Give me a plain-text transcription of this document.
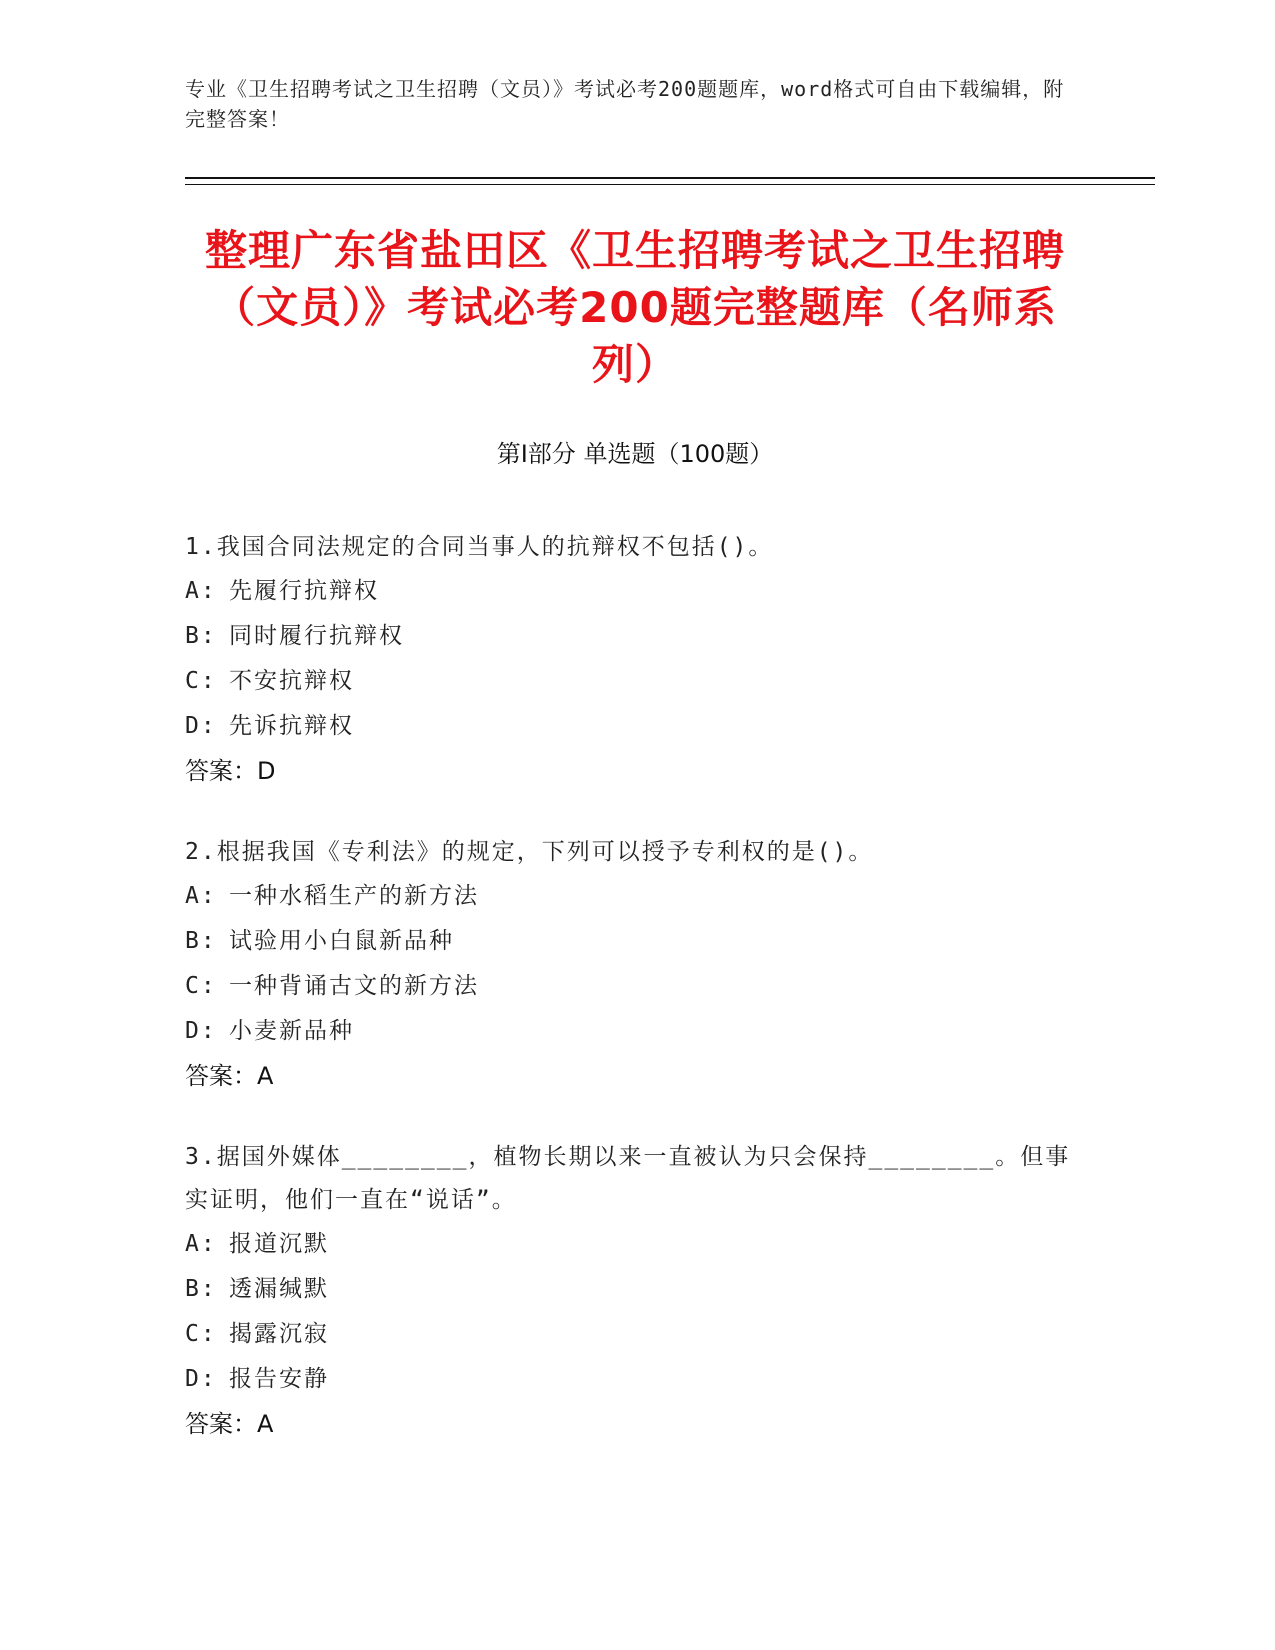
专业《卫生招聘考试之卫生招聘（文员）》考试必考200题题库，word格式可自由下载编辑，附完整答案！

整理广东省盐田区《卫生招聘考试之卫生招聘（文员）》考试必考200题完整题库（名师系列）
第I部分 单选题（100题）

1.我国合同法规定的合同当事人的抗辩权不包括()。

A: 先履行抗辩权

B: 同时履行抗辩权

C: 不安抗辩权

D: 先诉抗辩权

答案：D

2.根据我国《专利法》的规定，下列可以授予专利权的是()。

A: 一种水稻生产的新方法

B: 试验用小白鼠新品种

C: 一种背诵古文的新方法

D: 小麦新品种

答案：A

3.据国外媒体________，植物长期以来一直被认为只会保持________。但事实证明，他们一直在“说话”。

A: 报道沉默

B: 透漏缄默

C: 揭露沉寂

D: 报告安静

答案：A
